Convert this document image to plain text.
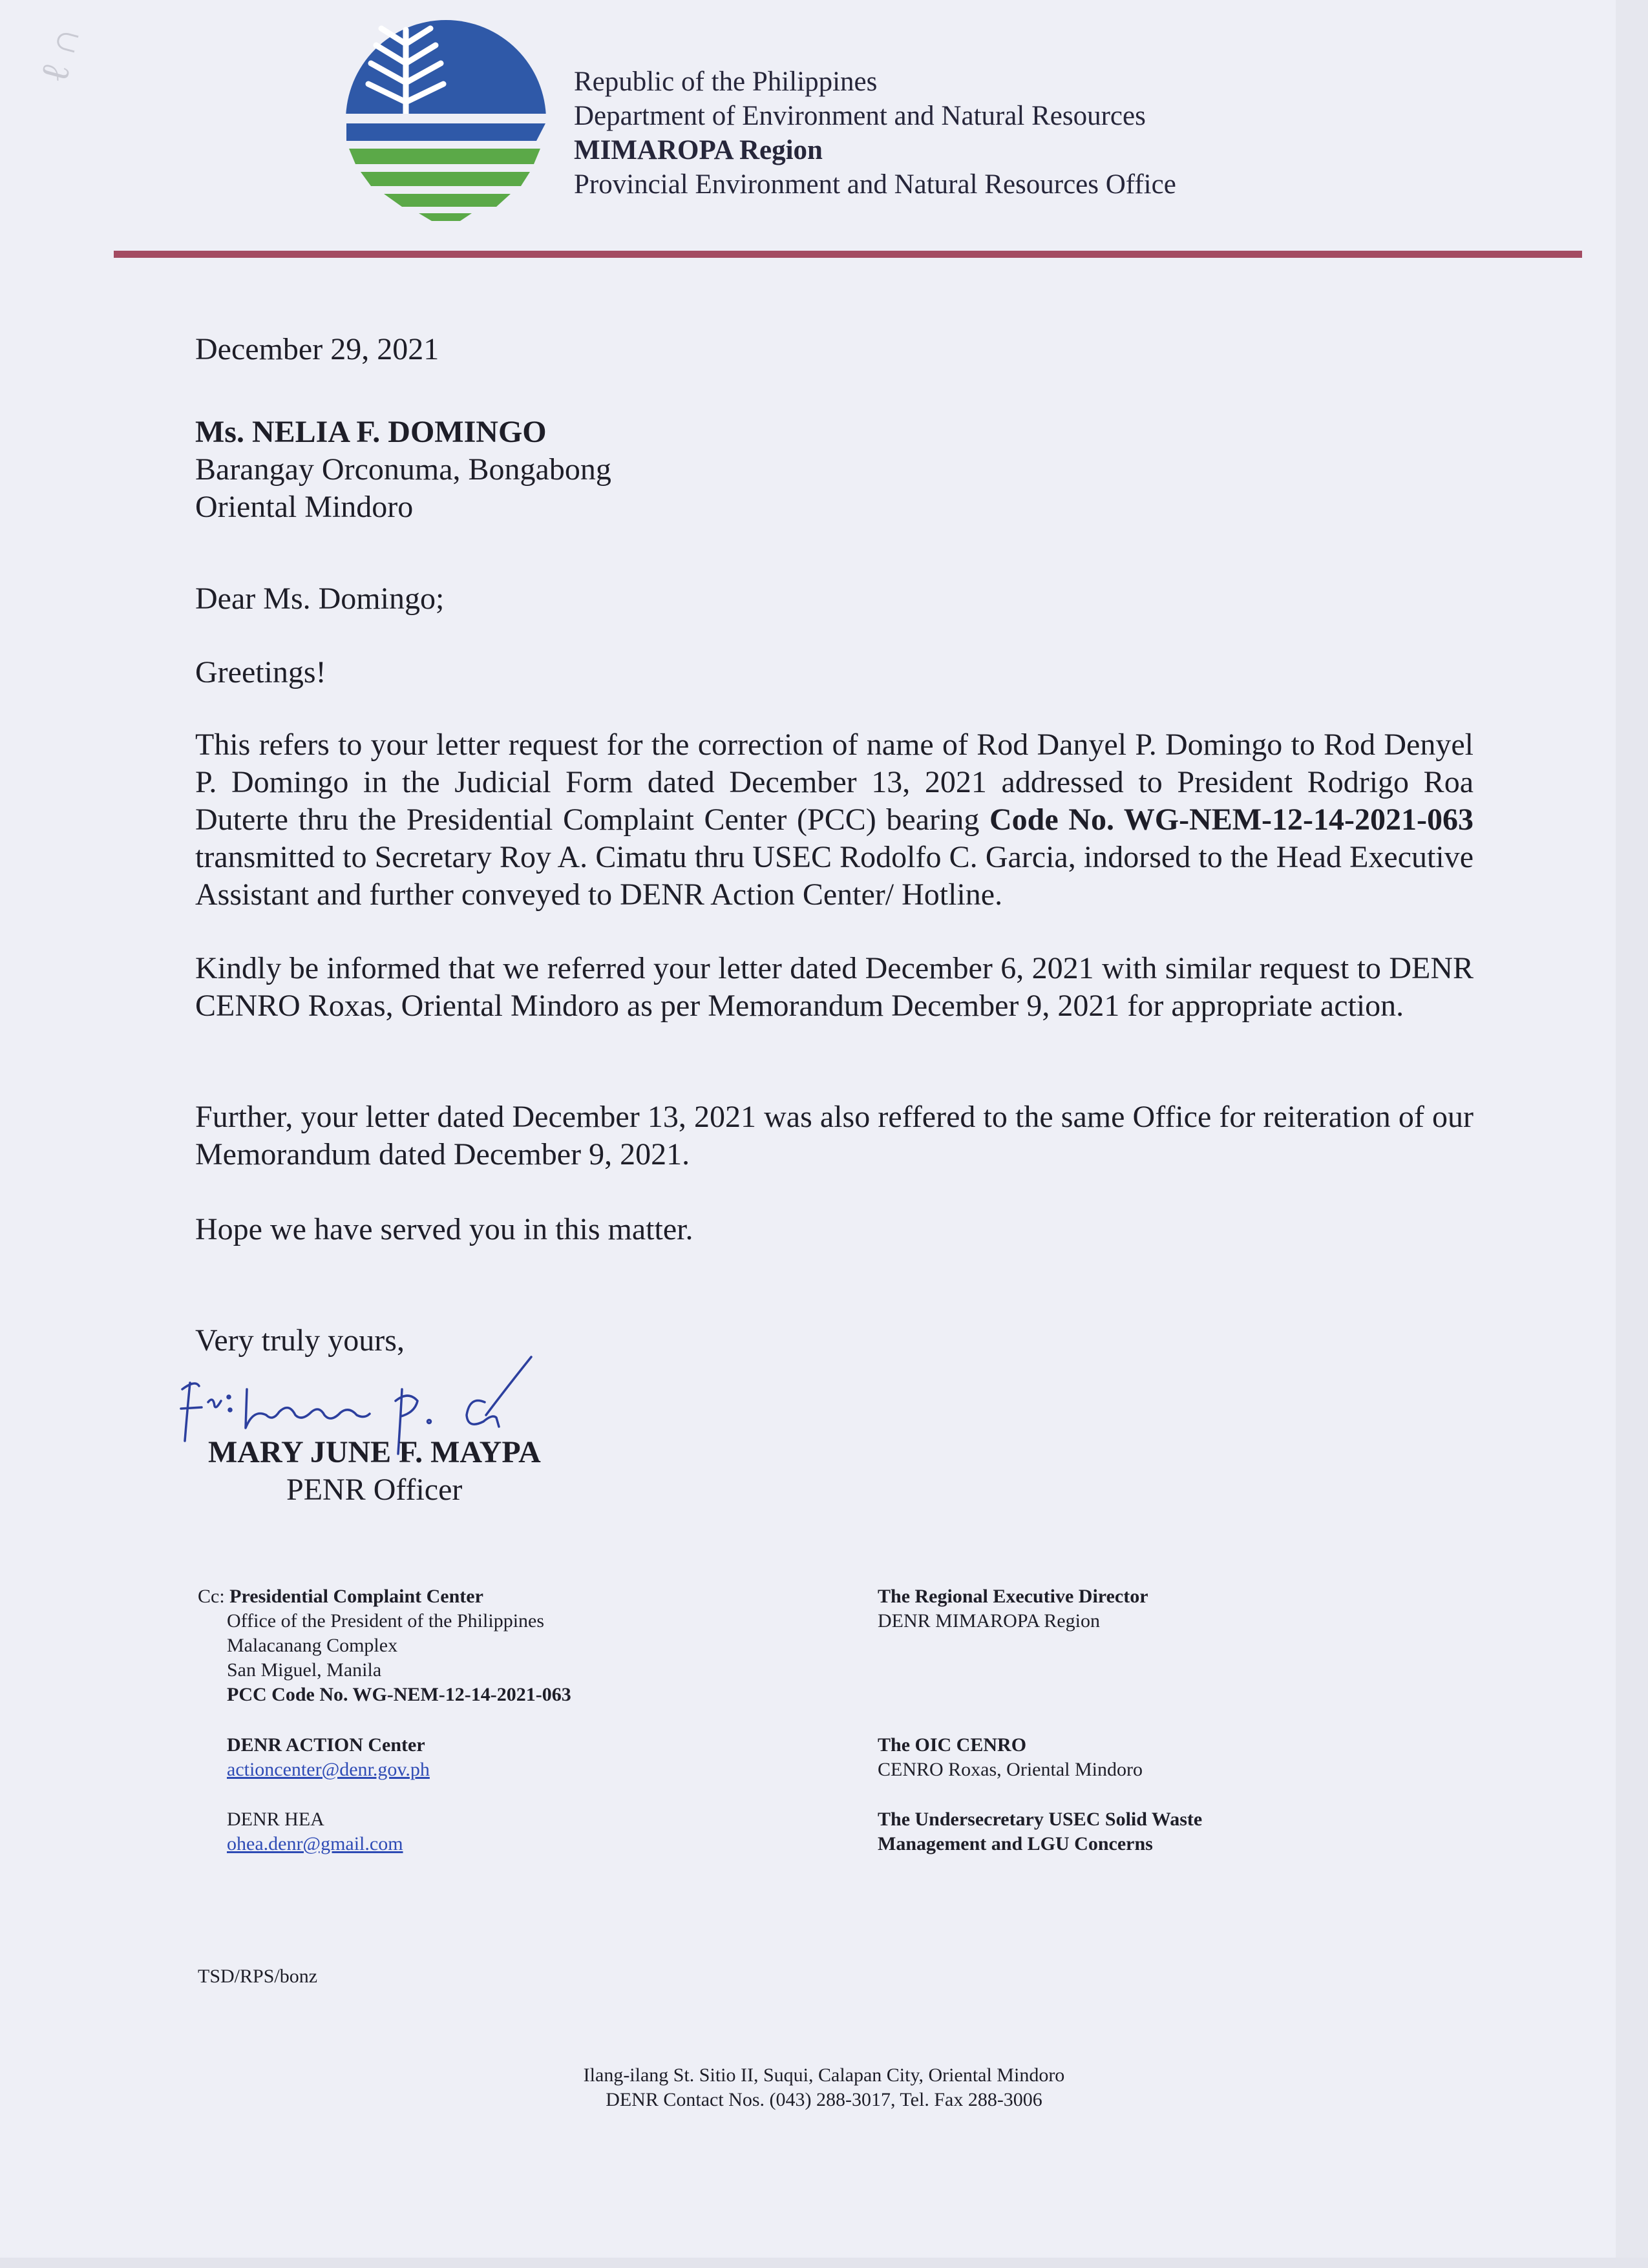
ℓ ∩	Republic of the Philippines
Department of Environment and Natural Resources
MIMAROPA Region
Provincial Environment and Natural Resources Office
December 29, 2021
Ms. NELIA F. DOMINGO
Barangay Orconuma, Bongabong
Oriental Mindoro
Dear Ms. Domingo;
Greetings!
This refers to your letter request for the correction of name of Rod Danyel P. Domingo to Rod Denyel P. Domingo in the Judicial Form dated December 13, 2021 addressed to President Rodrigo Roa Duterte thru the Presidential Complaint Center (PCC) bearing Code No. WG-NEM-12-14-2021-063 transmitted to Secretary Roy A. Cimatu thru USEC Rodolfo C. Garcia, indorsed to the Head Executive Assistant and further conveyed to DENR Action Center/ Hotline.
Kindly be informed that we referred your letter dated December 6, 2021 with similar request to DENR CENRO Roxas, Oriental Mindoro as per Memorandum December 9, 2021 for appropriate action.
Further, your letter dated December 13, 2021 was also reffered to the same Office for reiteration of our Memorandum dated December 9, 2021.
Hope we have served you in this matter.
Very truly yours,
MARY JUNE F. MAYPA
PENR Officer
Cc: Presidential Complaint Center
Office of the President of the Philippines
Malacanang Complex
San Miguel, Manila
PCC Code No. WG-NEM-12-14-2021-063
DENR ACTION Center
actioncenter@denr.gov.ph
DENR HEA
ohea.denr@gmail.com
The Regional Executive Director
DENR MIMAROPA Region
The OIC CENRO
CENRO Roxas, Oriental Mindoro
The Undersecretary USEC Solid Waste
Management and LGU Concerns
TSD/RPS/bonz
Ilang-ilang St. Sitio II, Suqui, Calapan City, Oriental Mindoro
DENR Contact Nos. (043) 288-3017, Tel. Fax 288-3006
